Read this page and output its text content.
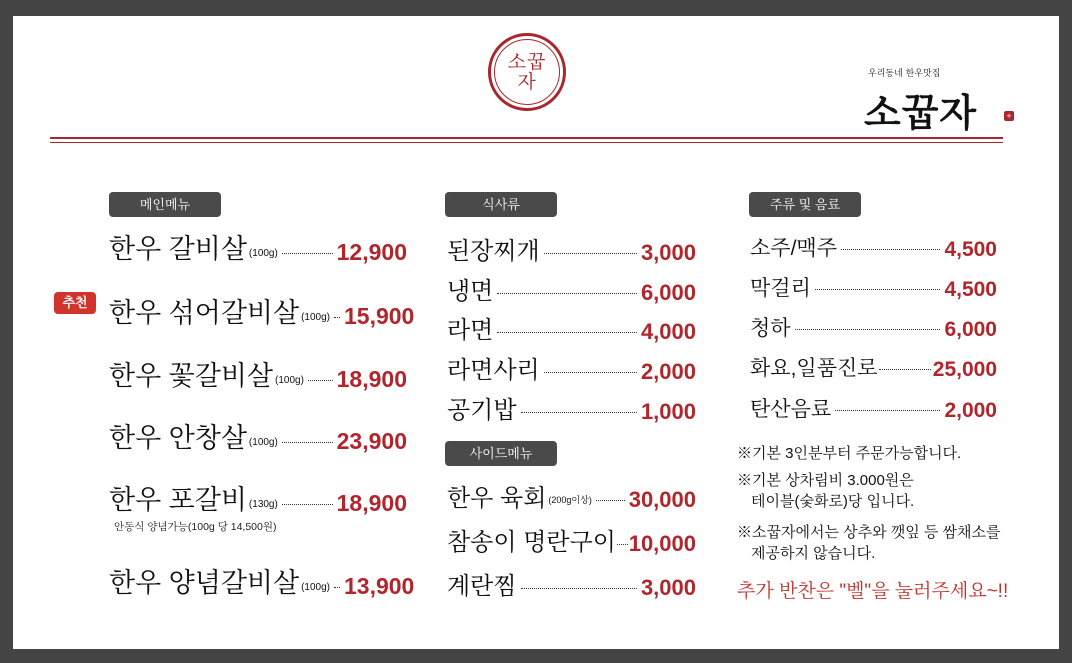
소꿉
자	우리동네 한우맛집
소꿉자	+
메인메뉴
한우 갈비살 (100g)	12,900
추천 한우 섞어갈비살 (100g) 15,900
한우 꽃갈비살 (100g) 18,900
한우 안창살 (100g)	23,900
한우 포갈비 (130g)	18,900
안동식 양념가능(100g 당 14,500원)
한우 양념갈비살 (100g) 13,900
식사류
된장찌개	3,000
냉면	6,000
라면	4,000
라면사리	2,000
공기밥	1,000
사이드메뉴
한우 육회 (200g이상) 30,000
참송이 명란구이 10,000
계란찜	3,000
주류 및 음료
소주/맥주	4,500
막걸리	4,500
청하	6,000
화요,일품진로	25,000
탄산음료	2,000
※기본 3인분부터 주문가능합니다.
※기본 상차림비 3.000원은
테이블(숯화로)당 입니다.
※소꿉자에서는 상추와 깻잎 등 쌈채소를
제공하지 않습니다.
추가 반찬은 "벨"을 눌러주세요~!!
